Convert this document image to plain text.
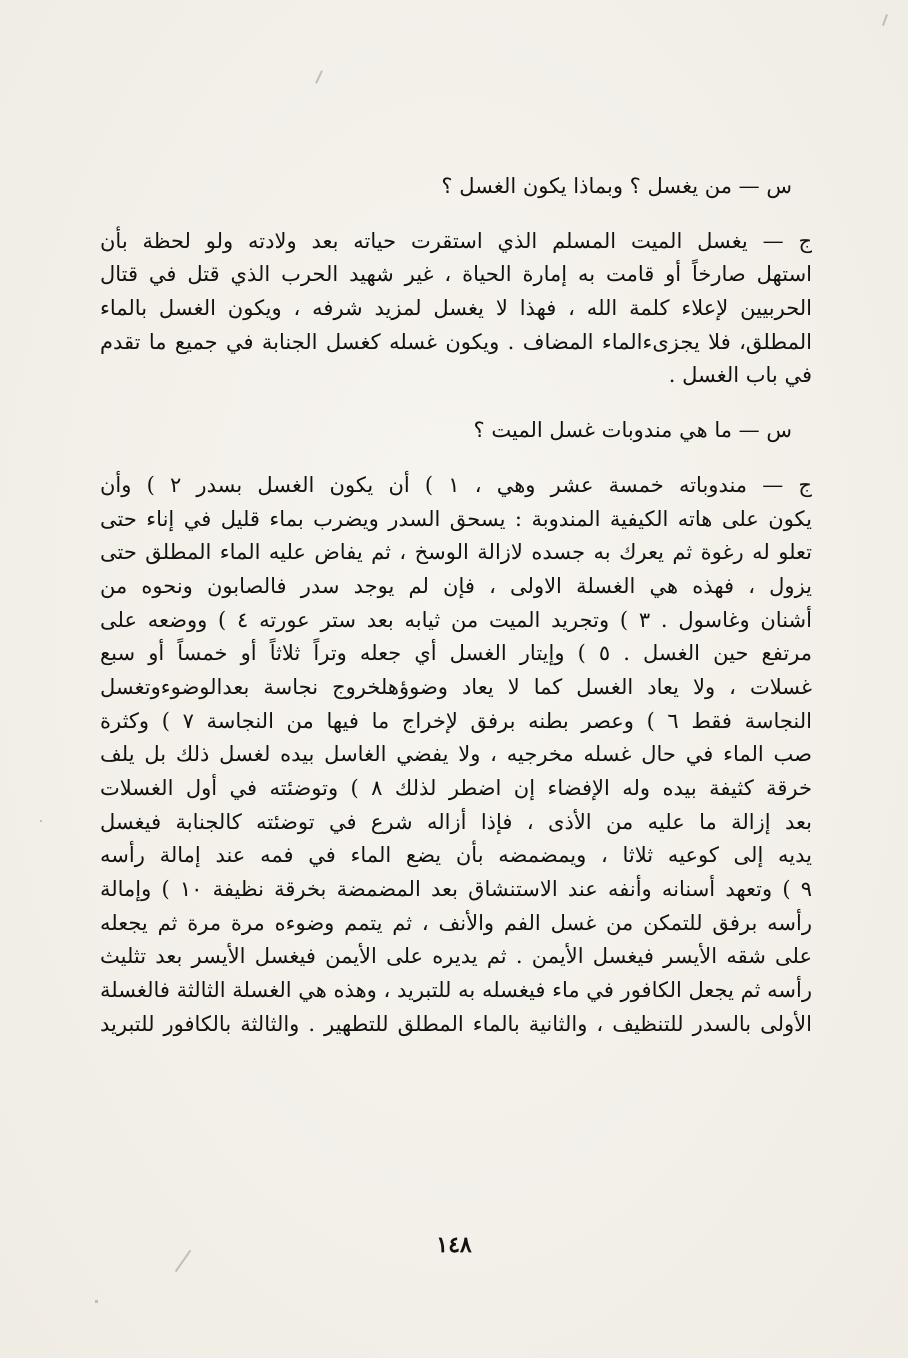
س — من يغسل ؟ وبماذا يكون الغسل ؟
ج — يغسل الميت المسلم الذي استقرت حياته بعد ولادته ولو لحظة بأن
استهل صارخاً أو قامت به إمارة الحياة ، غير شهيد الحرب الذي قتل في قتال
الحربيين لإعلاء كلمة الله ، فهذا لا يغسل لمزيد شرفه ، ويكون الغسل بالماء
المطلق، فلا يجزىءالماء المضاف . ويكون غسله كغسل الجنابة في جميع ما تقدم
في باب الغسل .
س — ما هي مندوبات غسل الميت ؟
ج — مندوباته خمسة عشر وهي ، ١ ) أن يكون الغسل بسدر ٢ ) وأن
يكون على هاته الكيفية المندوبة : يسحق السدر ويضرب بماء قليل في إناء حتى
تعلو له رغوة ثم يعرك به جسده لازالة الوسخ ، ثم يفاض عليه الماء المطلق حتى
يزول ، فهذه هي الغسلة الاولى ، فإن لم يوجد سدر فالصابون ونحوه من
أشنان وغاسول . ٣ ) وتجريد الميت من ثيابه بعد ستر عورته ٤ ) ووضعه على
مرتفع حين الغسل . ٥ ) وإيتار الغسل أي جعله وتراً ثلاثاً أو خمساً أو سبع
غسلات ، ولا يعاد الغسل كما لا يعاد وضوؤهلخروج نجاسة بعدالوضوءوتغسل
النجاسة فقط ٦ ) وعصر بطنه برفق لإخراج ما فيها من النجاسة ٧ ) وكثرة
صب الماء في حال غسله مخرجيه ، ولا يفضي الغاسل بيده لغسل ذلك بل يلف
خرقة كثيفة بيده وله الإفضاء إن اضطر لذلك ٨ ) وتوضئته في أول الغسلات
بعد إزالة ما عليه من الأذى ، فإذا أزاله شرع في توضئته كالجنابة فيغسل
يديه إلى كوعيه ثلاثا ، ويمضمضه بأن يضع الماء في فمه عند إمالة رأسه
٩ ) وتعهد أسنانه وأنفه عند الاستنشاق بعد المضمضة بخرقة نظيفة ١٠ ) وإمالة
رأسه برفق للتمكن من غسل الفم والأنف ، ثم يتمم وضوءه مرة مرة ثم يجعله
على شقه الأيسر فيغسل الأيمن . ثم يديره على الأيمن فيغسل الأيسر بعد تثليث
رأسه ثم يجعل الكافور في ماء فيغسله به للتبريد ، وهذه هي الغسلة الثالثة فالغسلة
الأولى بالسدر للتنظيف ، والثانية بالماء المطلق للتطهير . والثالثة بالكافور للتبريد
١٤٨
